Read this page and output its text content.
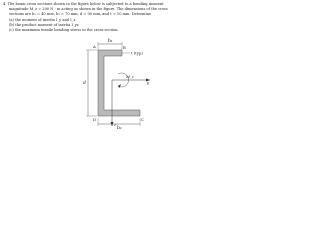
4. The beam cross sections shown in the figure below is subjected to a bending moment

magnitude M_z = 200 N · m acting as shown in the figure. The dimensions of the cross

sections are b₁ = 40 mm, b₂ = 70 mm, d = 90 mm, and t = 10 mm. Determine

(a) the moment of inertia I_y and I_z

(b) the product moment of inertia I_yz

(c) the maximum tensile bending stress in the cross section.

b₁
t (typ)
y
z
M_z
d
B
A
D	C
b₂
